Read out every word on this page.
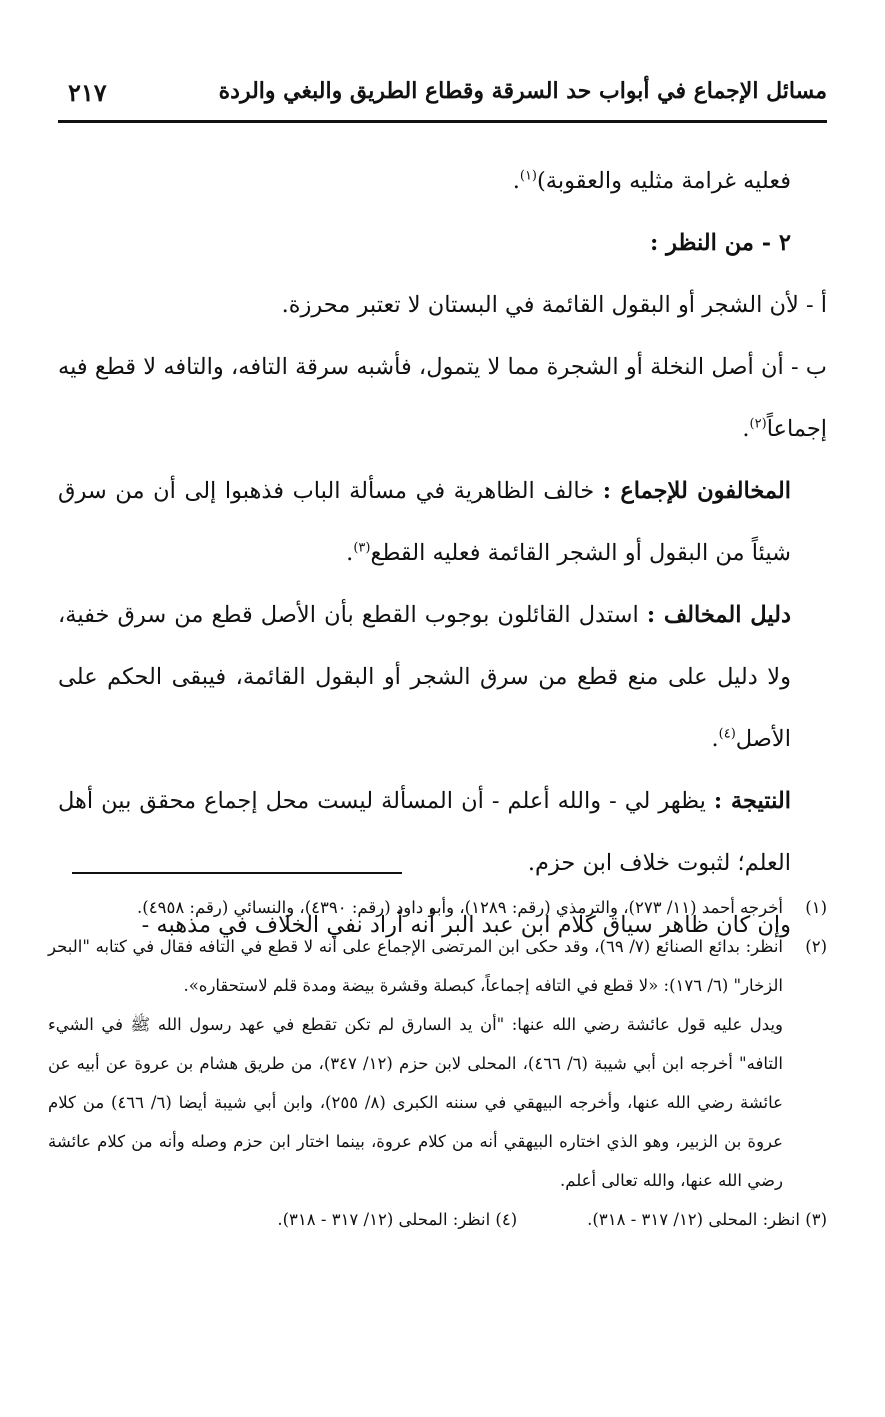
مسائل الإجماع في أبواب حد السرقة وقطاع الطريق والبغي والردة
٢١٧

فعليه غرامة مثليه والعقوبة)$^{(١)}$.

٢ - من النظر :

أ - لأن الشجر أو البقول القائمة في البستان لا تعتبر محرزة.

ب - أن أصل النخلة أو الشجرة مما لا يتمول، فأشبه سرقة التافه، والتافه لا قطع فيه إجماعاً$^{(٢)}$.

المخالفون للإجماع : خالف الظاهرية في مسألة الباب فذهبوا إلى أن من سرق شيئاً من البقول أو الشجر القائمة فعليه القطع$^{(٣)}$.

دليل المخالف : استدل القائلون بوجوب القطع بأن الأصل قطع من سرق خفية، ولا دليل على منع قطع من سرق الشجر أو البقول القائمة، فيبقى الحكم على الأصل$^{(٤)}$.

النتيجة : يظهر لي - والله أعلم - أن المسألة ليست محل إجماع محقق بين أهل العلم؛ لثبوت خلاف ابن حزم.

وإن كان ظاهر سياق كلام ابن عبد البر أنه أراد نفي الخلاف في مذهبه -

(١)
أخرجه أحمد (١١/ ٢٧٣)، والترمذي (رقم: ١٢٨٩)، وأبو داود (رقم: ٤٣٩٠)، والنسائي (رقم: ٤٩٥٨).

(٢)
انظر: بدائع الصنائع (٧/ ٦٩)، وقد حكى ابن المرتضى الإجماع على أنه لا قطع في التافه فقال في كتابه "البحر الزخار" (٦/ ١٧٦): «لا قطع في التافه إجماعاً، كبصلة وقشرة بيضة ومدة قلم لاستحقاره».

ويدل عليه قول عائشة رضي الله عنها: "أن يد السارق لم تكن تقطع في عهد رسول الله ﷺ في الشيء التافه" أخرجه ابن أبي شيبة (٦/ ٤٦٦)، المحلى لابن حزم (١٢/ ٣٤٧)، من طريق هشام بن عروة عن أبيه عن عائشة رضي الله عنها، وأخرجه البيهقي في سننه الكبرى (٨/ ٢٥٥)، وابن أبي شيبة أيضا (٦/ ٤٦٦) من كلام عروة بن الزبير، وهو الذي اختاره البيهقي أنه من كلام عروة، بينما اختار ابن حزم وصله وأنه من كلام عائشة رضي الله عنها، والله تعالى أعلم.

(٣) انظر: المحلى (١٢/ ٣١٧ - ٣١٨).
(٤) انظر: المحلى (١٢/ ٣١٧ - ٣١٨).
